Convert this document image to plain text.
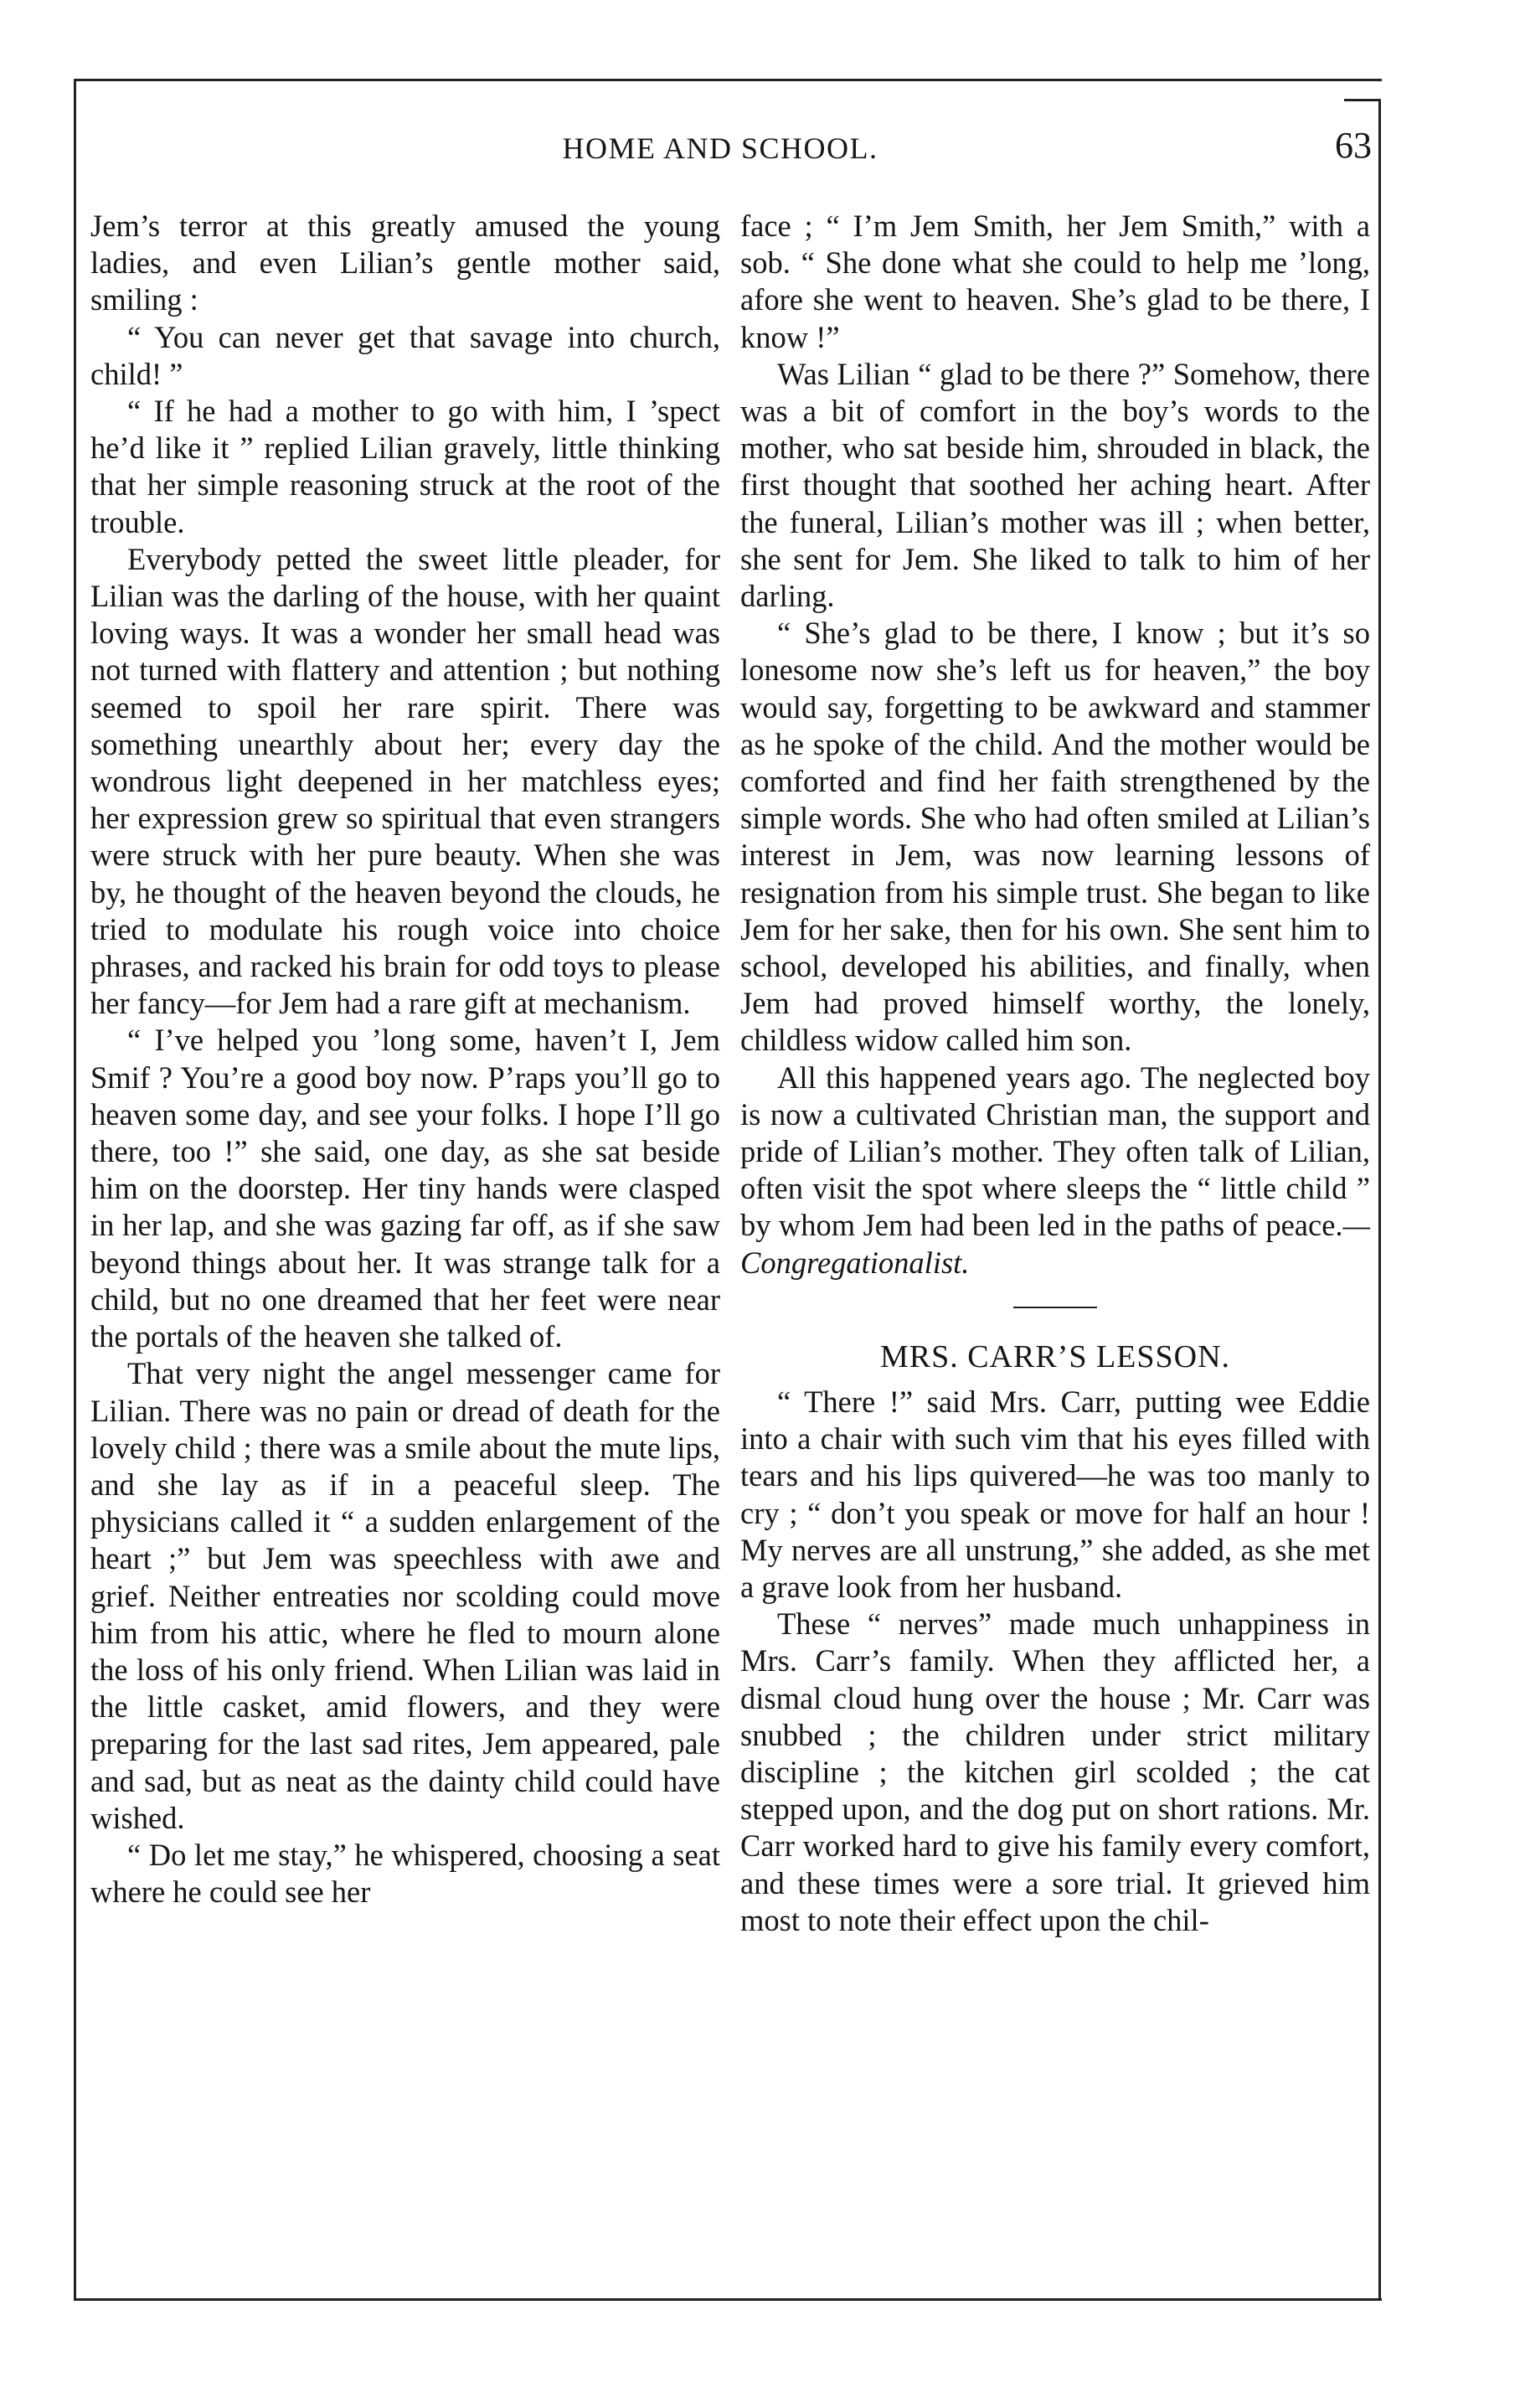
HOME AND SCHOOL.	63

Jem’s terror at this greatly amused the young ladies, and even Lilian’s gentle mother said, smiling :

“ You can never get that savage into church, child! ”

“ If he had a mother to go with him, I ’spect he’d like it ” replied Lilian gravely, little thinking that her simple reasoning struck at the root of the trouble.

Everybody petted the sweet little pleader, for Lilian was the darling of the house, with her quaint loving ways. It was a wonder her small head was not turned with flattery and attention ; but nothing seemed to spoil her rare spirit. There was something unearthly about her; every day the wondrous light deepened in her matchless eyes; her expression grew so spiritual that even strangers were struck with her pure beauty. When she was by, he thought of the heaven beyond the clouds, he tried to modulate his rough voice into choice phrases, and racked his brain for odd toys to please her fancy—for Jem had a rare gift at mechanism.

“ I’ve helped you ’long some, haven’t I, Jem Smif ? You’re a good boy now. P’raps you’ll go to heaven some day, and see your folks. I hope I’ll go there, too !” she said, one day, as she sat beside him on the doorstep. Her tiny hands were clasped in her lap, and she was gazing far off, as if she saw beyond things about her. It was strange talk for a child, but no one dreamed that her feet were near the portals of the heaven she talked of.

That very night the angel messenger came for Lilian. There was no pain or dread of death for the lovely child ; there was a smile about the mute lips, and she lay as if in a peaceful sleep. The physicians called it “ a sudden enlargement of the heart ;” but Jem was speechless with awe and grief. Neither entreaties nor scolding could move him from his attic, where he fled to mourn alone the loss of his only friend. When Lilian was laid in the little casket, amid flowers, and they were preparing for the last sad rites, Jem appeared, pale and sad, but as neat as the dainty child could have wished.

“ Do let me stay,” he whispered, choosing a seat where he could see her

face ; “ I’m Jem Smith, her Jem Smith,” with a sob. “ She done what she could to help me ’long, afore she went to heaven. She’s glad to be there, I know !”

Was Lilian “ glad to be there ?” Somehow, there was a bit of comfort in the boy’s words to the mother, who sat beside him, shrouded in black, the first thought that soothed her aching heart. After the funeral, Lilian’s mother was ill ; when better, she sent for Jem. She liked to talk to him of her darling.

“ She’s glad to be there, I know ; but it’s so lonesome now she’s left us for heaven,” the boy would say, forgetting to be awkward and stammer as he spoke of the child. And the mother would be comforted and find her faith strengthened by the simple words. She who had often smiled at Lilian’s interest in Jem, was now learning lessons of resignation from his simple trust. She began to like Jem for her sake, then for his own. She sent him to school, developed his abilities, and finally, when Jem had proved himself worthy, the lonely, childless widow called him son.

All this happened years ago. The neglected boy is now a cultivated Christian man, the support and pride of Lilian’s mother. They often talk of Lilian, often visit the spot where sleeps the “ little child ” by whom Jem had been led in the paths of peace.—Congregationalist.

MRS. CARR’S LESSON.

“ There !” said Mrs. Carr, putting wee Eddie into a chair with such vim that his eyes filled with tears and his lips quivered—he was too manly to cry ; “ don’t you speak or move for half an hour ! My nerves are all unstrung,” she added, as she met a grave look from her husband.

These “ nerves” made much unhappiness in Mrs. Carr’s family. When they afflicted her, a dismal cloud hung over the house ; Mr. Carr was snubbed ; the children under strict military discipline ; the kitchen girl scolded ; the cat stepped upon, and the dog put on short rations. Mr. Carr worked hard to give his family every comfort, and these times were a sore trial. It grieved him most to note their effect upon the chil-
